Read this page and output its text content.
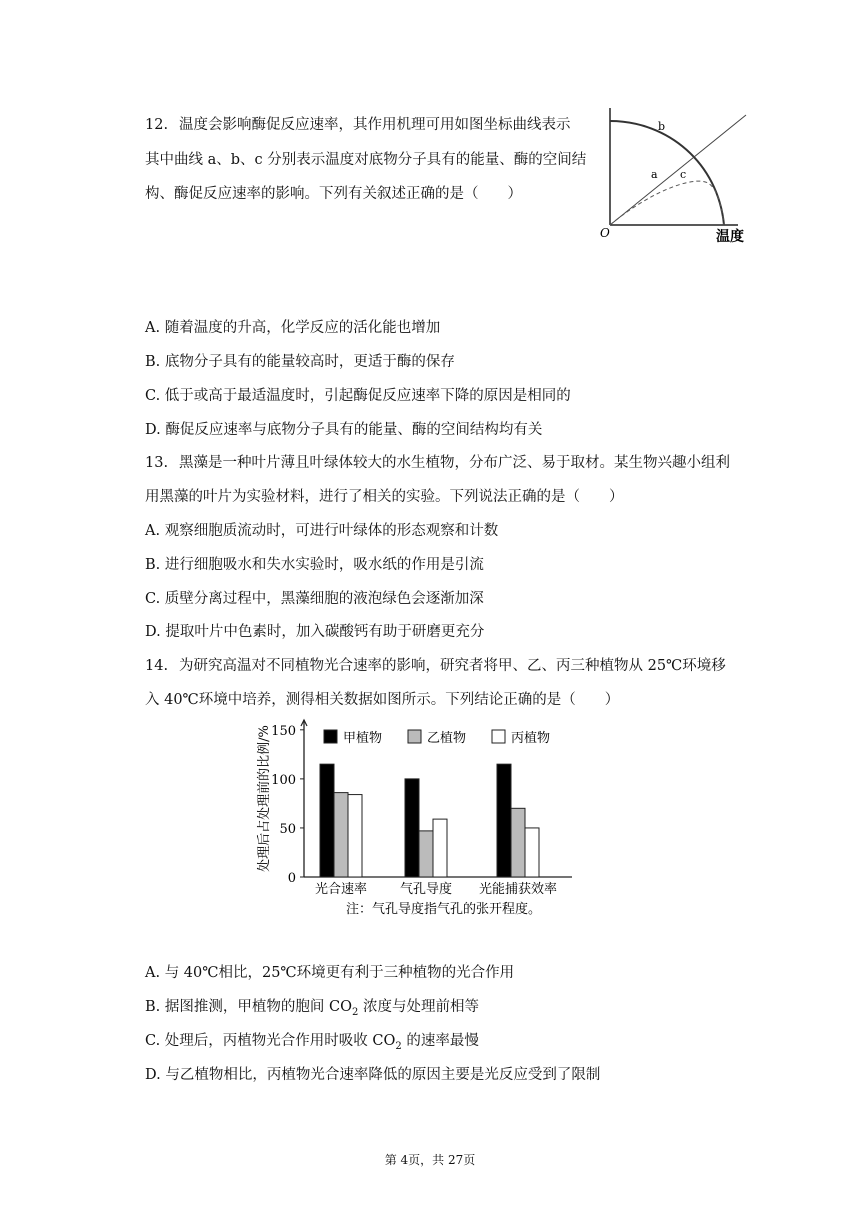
12. 温度会影响酶促反应速率，其作用机理可用如图坐标曲线表示
其中曲线 a、b、c 分别表示温度对底物分子具有的能量、酶的空间结
构、酶促反应速率的影响。下列有关叙述正确的是（　　）
b
a c
O	温度
A. 随着温度的升高，化学反应的活化能也增加
B. 底物分子具有的能量较高时，更适于酶的保存
C. 低于或高于最适温度时，引起酶促反应速率下降的原因是相同的
D. 酶促反应速率与底物分子具有的能量、酶的空间结构均有关
13. 黑藻是一种叶片薄且叶绿体较大的水生植物，分布广泛、易于取材。某生物兴趣小组利
用黑藻的叶片为实验材料，进行了相关的实验。下列说法正确的是（　　）
A. 观察细胞质流动时，可进行叶绿体的形态观察和计数
B. 进行细胞吸水和失水实验时，吸水纸的作用是引流
C. 质壁分离过程中，黑藻细胞的液泡绿色会逐渐加深
D. 提取叶片中色素时，加入碳酸钙有助于研磨更充分
14. 为研究高温对不同植物光合速率的影响，研究者将甲、乙、丙三种植物从 25℃环境移
入 40℃环境中培养，测得相关数据如图所示。下列结论正确的是（　　）
0
50
100
150
处理后占处理前的比例/%	甲植物	乙植物	丙植物
光合速率	气孔导度 光能捕获效率
注：气孔导度指气孔的张开程度。
A. 与 40℃相比，25℃环境更有利于三种植物的光合作用
B. 据图推测，甲植物的胞间 $CO_2$ 浓度与处理前相等
C. 处理后，丙植物光合作用时吸收 $CO_2$ 的速率最慢
D. 与乙植物相比，丙植物光合速率降低的原因主要是光反应受到了限制
第 4页，共 27页
